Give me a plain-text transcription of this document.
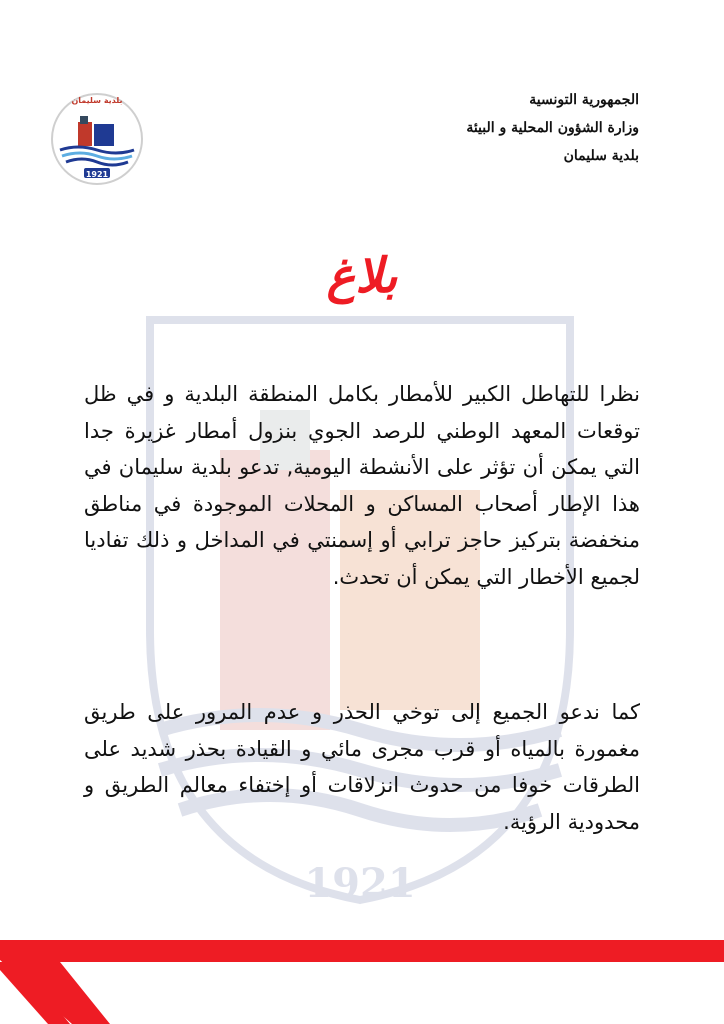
1921
الجمهورية التونسية
وزارة الشؤون المحلية و البيئة
بلدية سليمان
بلدية سليمان
1921
بلاغ

نظرا للتهاطل الكبير للأمطار بكامل المنطقة البلدية و في ظل توقعات المعهد الوطني للرصد الجوي بنزول أمطار غزيرة جدا التي يمكن أن تؤثر على الأنشطة اليومية, تدعو بلدية سليمان في هذا الإطار أصحاب المساكن و المحلات الموجودة في مناطق منخفضة بتركيز حاجز ترابي أو إسمنتي في المداخل و ذلك تفاديا لجميع الأخطار التي يمكن أن تحدث.

كما ندعو الجميع إلى توخي الحذر و عدم المرور على طريق مغمورة بالمياه أو قرب مجرى مائي و القيادة بحذر شديد على الطرقات خوفا من حدوث انزلاقات أو إختفاء معالم الطريق و محدودية الرؤية.
